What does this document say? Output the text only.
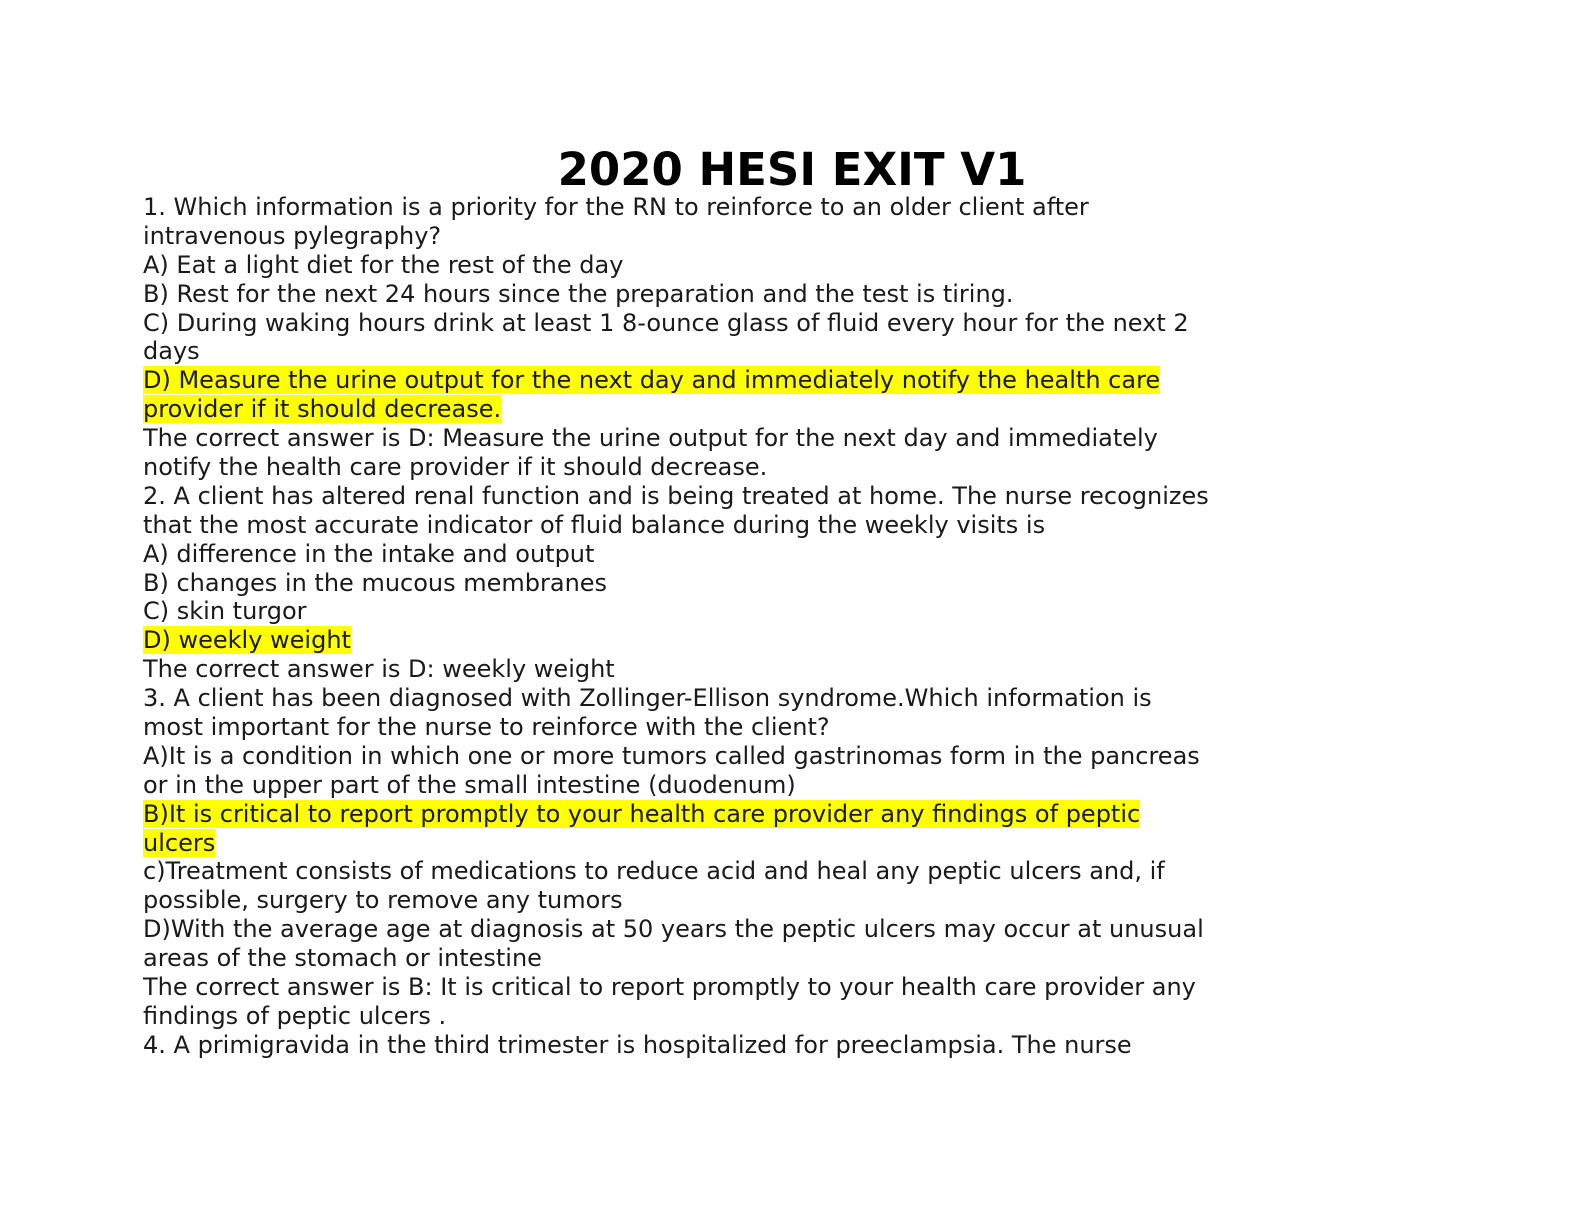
2020 HESI EXIT V1
1. Which information is a priority for the RN to reinforce to an older client after
intravenous pylegraphy?
A) Eat a light diet for the rest of the day
B) Rest for the next 24 hours since the preparation and the test is tiring.
C) During waking hours drink at least 1 8-ounce glass of fluid every hour for the next 2
days
D) Measure the urine output for the next day and immediately notify the health care
provider if it should decrease.
The correct answer is D: Measure the urine output for the next day and immediately
notify the health care provider if it should decrease.
2. A client has altered renal function and is being treated at home. The nurse recognizes
that the most accurate indicator of fluid balance during the weekly visits is
A) difference in the intake and output
B) changes in the mucous membranes
C) skin turgor
D) weekly weight
The correct answer is D: weekly weight
3. A client has been diagnosed with Zollinger-Ellison syndrome.Which information is
most important for the nurse to reinforce with the client?
A)It is a condition in which one or more tumors called gastrinomas form in the pancreas
or in the upper part of the small intestine (duodenum)
B)It is critical to report promptly to your health care provider any findings of peptic
ulcers
c)Treatment consists of medications to reduce acid and heal any peptic ulcers and, if
possible, surgery to remove any tumors
D)With the average age at diagnosis at 50 years the peptic ulcers may occur at unusual
areas of the stomach or intestine
The correct answer is B: It is critical to report promptly to your health care provider any
findings of peptic ulcers .
4. A primigravida in the third trimester is hospitalized for preeclampsia. The nurse
